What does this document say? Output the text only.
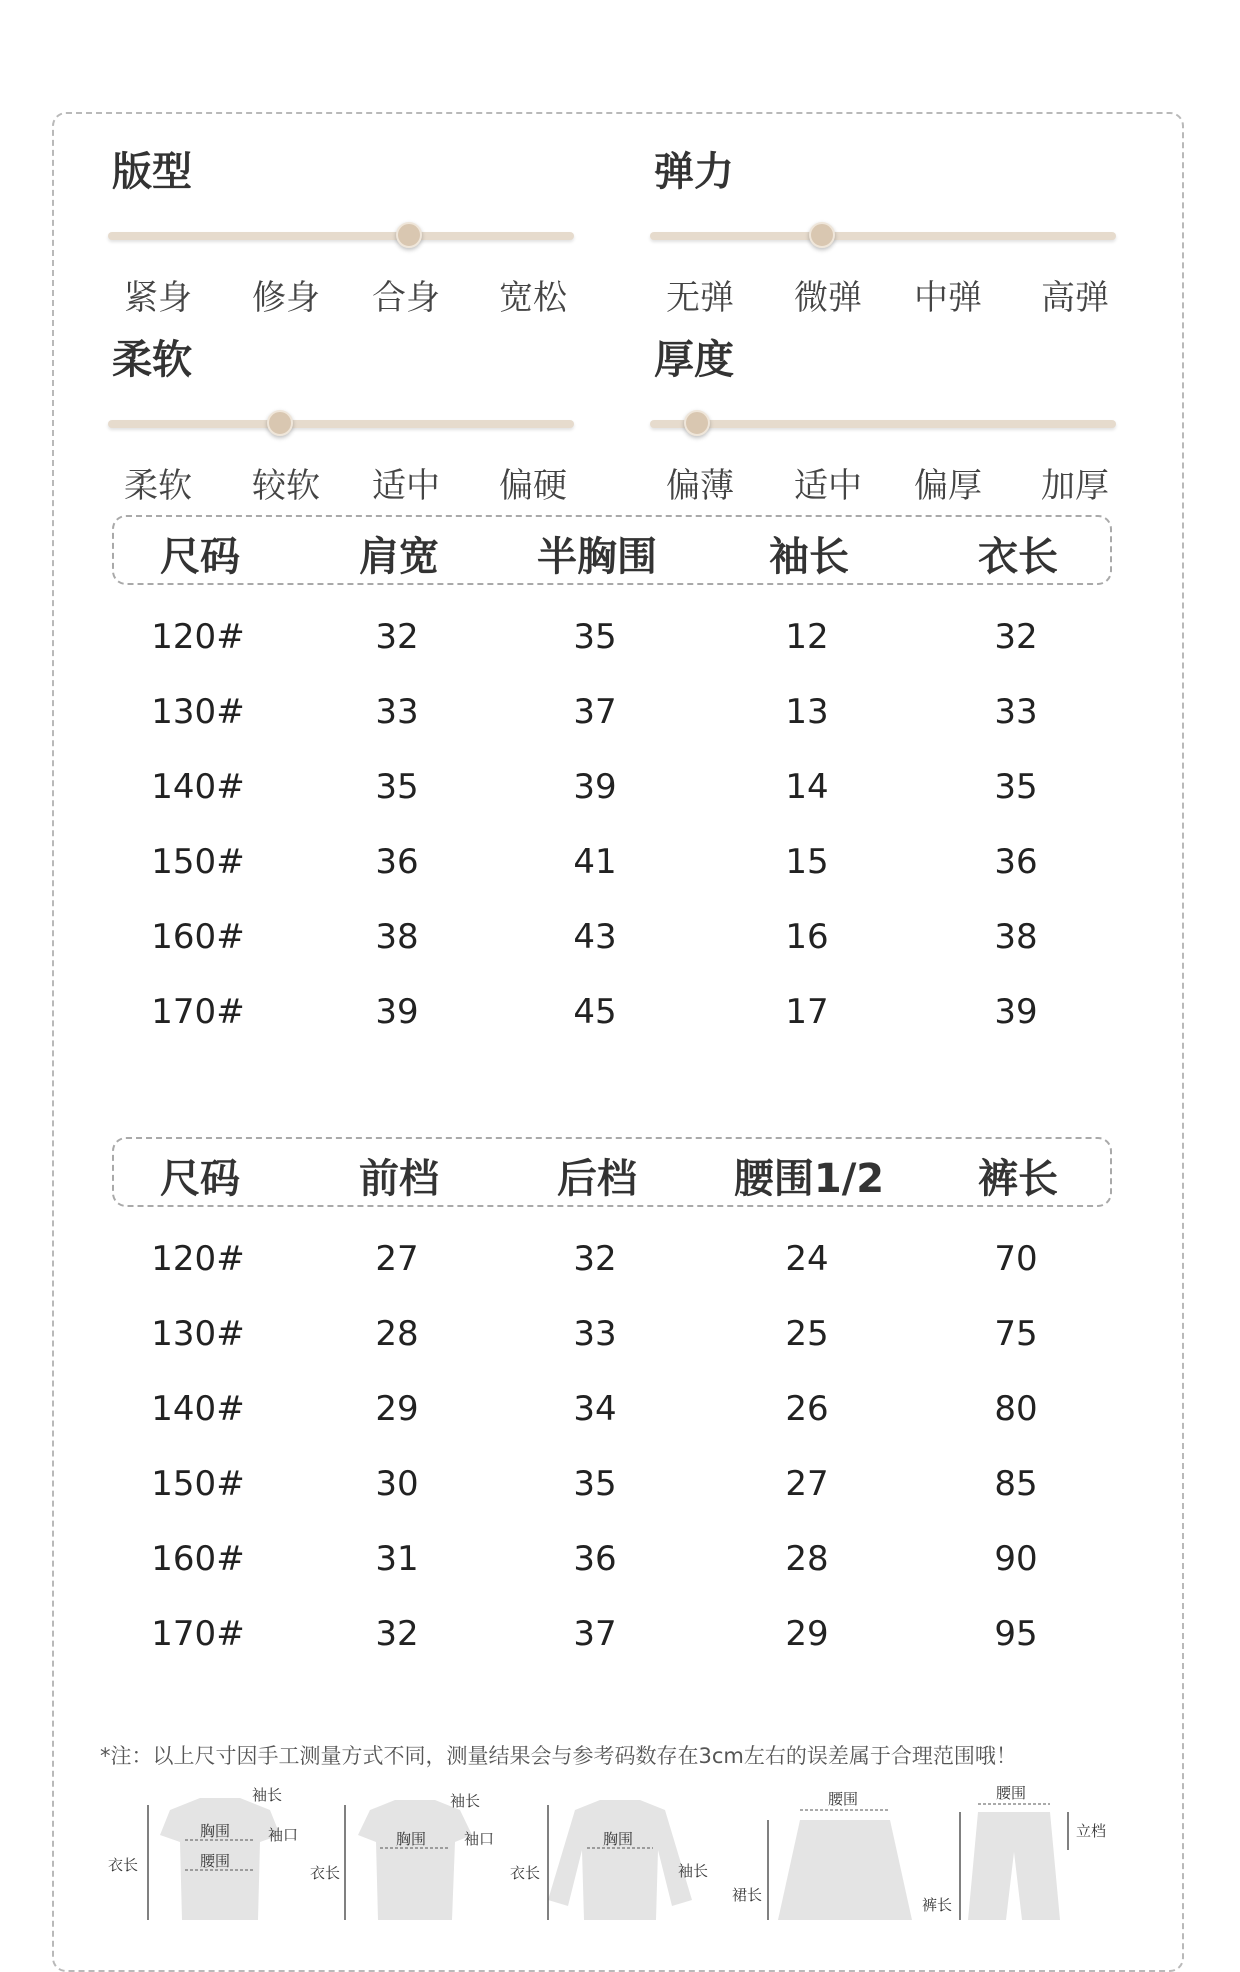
版型
紧身	修身	合身	宽松
弹力
无弹	微弹	中弹	高弹
柔软
柔软	较软	适中	偏硬
厚度
偏薄	适中	偏厚	加厚
尺码	肩宽	半胸围	袖长	衣长
120#	32	35	12	32
130#	33	37	13	33
140#	35	39	14	35
150#	36	41	15	36
160#	38	43	16	38
170#	39	45	17	39
尺码	前档	后档	腰围1/2	裤长
120#	27	32	24	70
130#	28	33	25	75
140#	29	34	26	80
150#	30	35	27	85
160#	31	36	28	90
170#	32	37	29	95
*注：以上尺寸因手工测量方式不同，测量结果会与参考码数存在3cm左右的误差属于合理范围哦！
衣长
胸围
腰围
袖长
袖口
衣长
胸围
袖长
袖口
衣长
胸围
袖长
腰围
裙长
腰围
裤长
立档
